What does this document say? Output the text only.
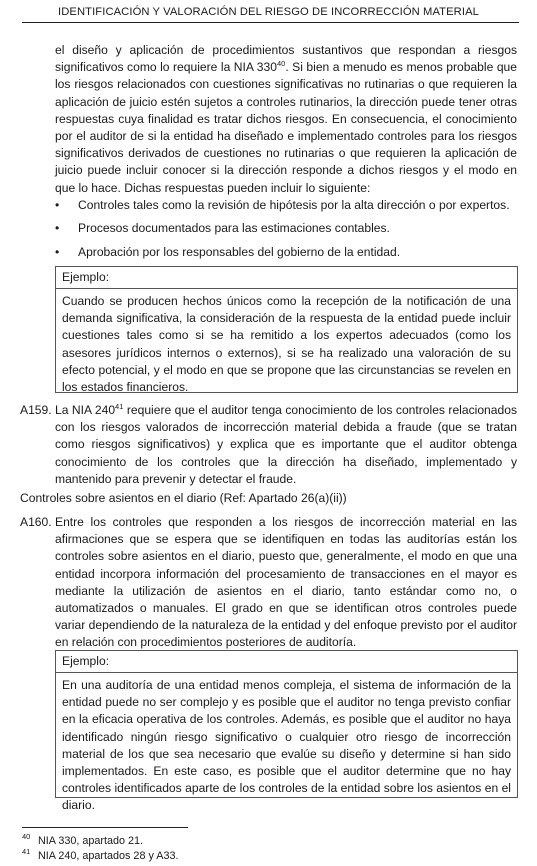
IDENTIFICACIÓN Y VALORACIÓN DEL RIESGO DE INCORRECCIÓN MATERIAL

el diseño y aplicación de procedimientos sustantivos que respondan a riesgos significativos como lo requiere la NIA $330^{40}$. Si bien a menudo es menos probable que los riesgos relacionados con cuestiones significativas no rutinarias o que requieren la aplicación de juicio estén sujetos a controles rutinarios, la dirección puede tener otras respuestas cuya finalidad es tratar dichos riesgos. En consecuencia, el conocimiento por el auditor de si la entidad ha diseñado e implementado controles para los riesgos significativos derivados de cuestiones no rutinarias o que requieren la aplicación de juicio puede incluir conocer si la dirección responde a dichos riesgos y el modo en que lo hace. Dichas respuestas pueden incluir lo siguiente:

• Controles tales como la revisión de hipótesis por la alta dirección o por expertos.
• Procesos documentados para las estimaciones contables.
• Aprobación por los responsables del gobierno de la entidad.
Ejemplo:
Cuando se producen hechos únicos como la recepción de la notificación de una demanda significativa, la consideración de la respuesta de la entidad puede incluir cuestiones tales como si se ha remitido a los expertos adecuados (como los asesores jurídicos internos o externos), si se ha realizado una valoración de su efecto potencial, y el modo en que se propone que las circunstancias se revelen en los estados financieros.
A159. La NIA $240^{41}$ requiere que el auditor tenga conocimiento de los controles relacionados con los riesgos valorados de incorrección material debida a fraude (que se tratan como riesgos significativos) y explica que es importante que el auditor obtenga conocimiento de los controles que la dirección ha diseñado, implementado y mantenido para prevenir y detectar el fraude.

Controles sobre asientos en el diario (Ref: Apartado 26(a)(ii))
A160. Entre los controles que responden a los riesgos de incorrección material en las afirmaciones que se espera que se identifiquen en todas las auditorías están los controles sobre asientos en el diario, puesto que, generalmente, el modo en que una entidad incorpora información del procesamiento de transacciones en el mayor es mediante la utilización de asientos en el diario, tanto estándar como no, o automatizados o manuales. El grado en que se identifican otros controles puede variar dependiendo de la naturaleza de la entidad y del enfoque previsto por el auditor en relación con procedimientos posteriores de auditoría.

Ejemplo:
En una auditoría de una entidad menos compleja, el sistema de información de la entidad puede no ser complejo y es posible que el auditor no tenga previsto confiar en la eficacia operativa de los controles. Además, es posible que el auditor no haya identificado ningún riesgo significativo o cualquier otro riesgo de incorrección material de los que sea necesario que evalúe su diseño y determine si han sido implementados. En este caso, es posible que el auditor determine que no hay controles identificados aparte de los controles de la entidad sobre los asientos en el diario.
40 NIA 330, apartado 21.
41 NIA 240, apartados 28 y A33.
